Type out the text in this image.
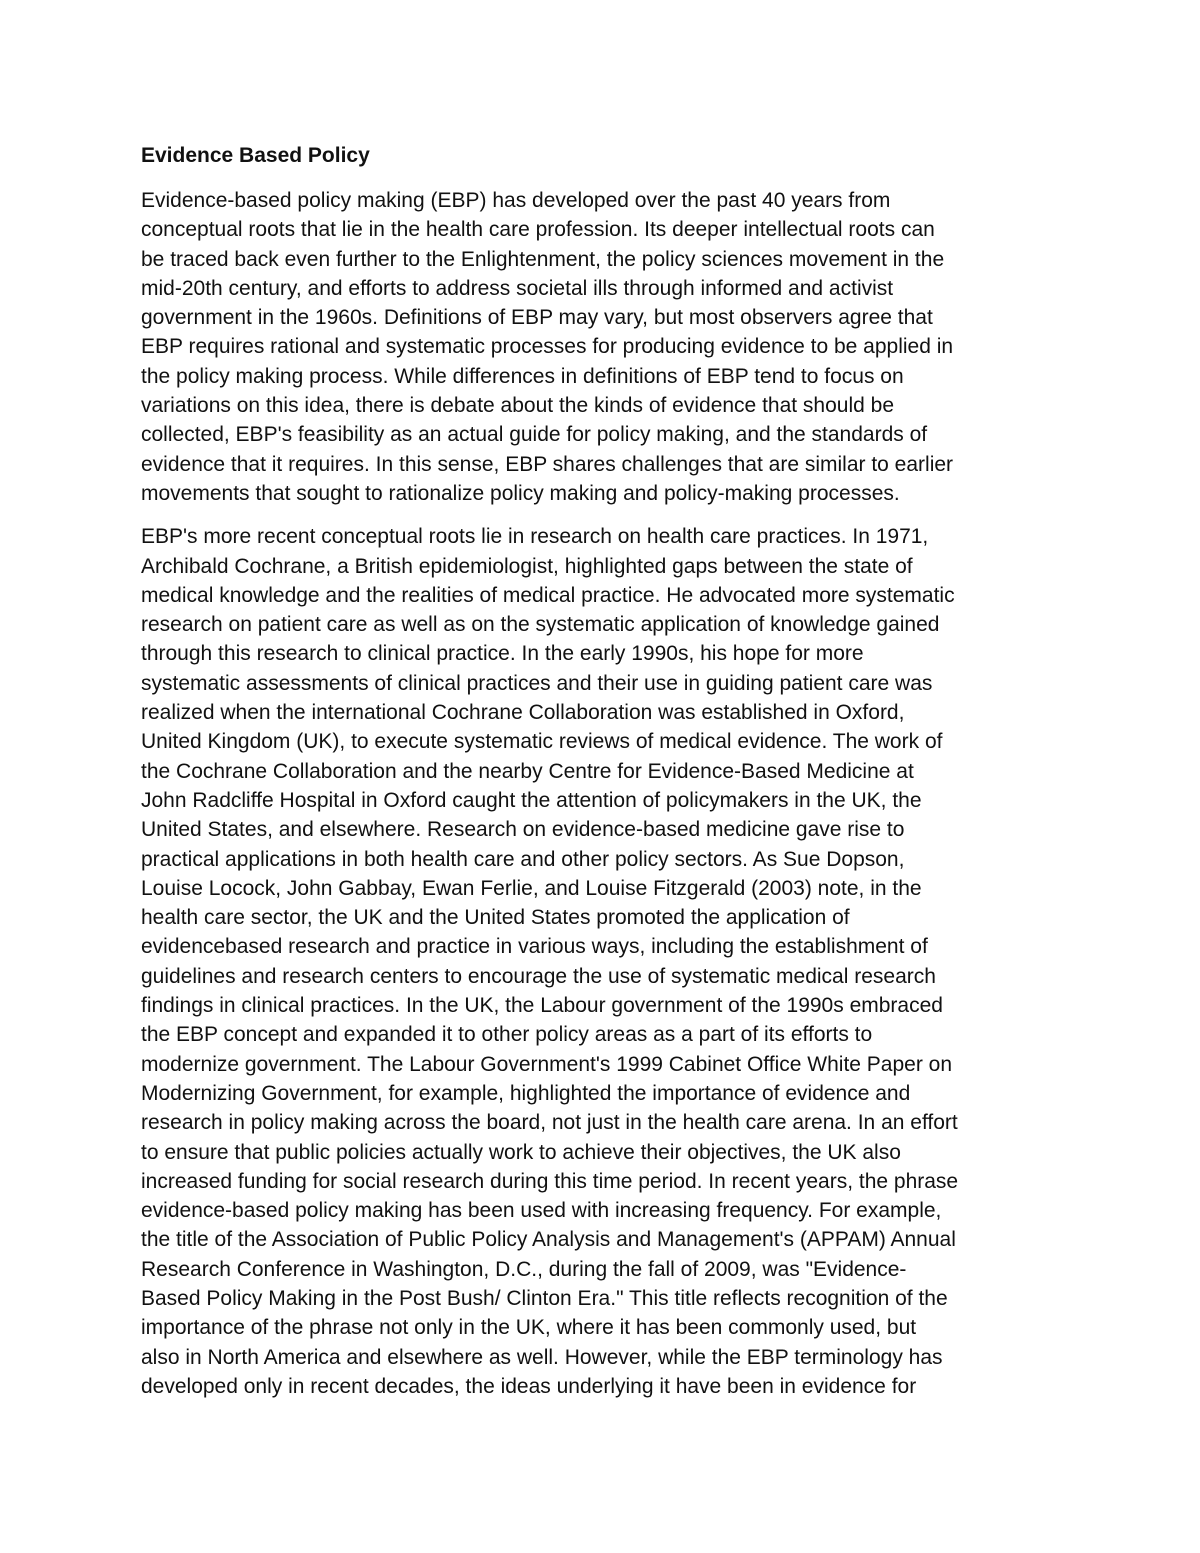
Evidence Based Policy

Evidence-based policy making (EBP) has developed over the past 40 years from
conceptual roots that lie in the health care profession. Its deeper intellectual roots can
be traced back even further to the Enlightenment, the policy sciences movement in the
mid-20th century, and efforts to address societal ills through informed and activist
government in the 1960s. Definitions of EBP may vary, but most observers agree that
EBP requires rational and systematic processes for producing evidence to be applied in
the policy making process. While differences in definitions of EBP tend to focus on
variations on this idea, there is debate about the kinds of evidence that should be
collected, EBP's feasibility as an actual guide for policy making, and the standards of
evidence that it requires. In this sense, EBP shares challenges that are similar to earlier
movements that sought to rationalize policy making and policy-making processes.

EBP's more recent conceptual roots lie in research on health care practices. In 1971,
Archibald Cochrane, a British epidemiologist, highlighted gaps between the state of
medical knowledge and the realities of medical practice. He advocated more systematic
research on patient care as well as on the systematic application of knowledge gained
through this research to clinical practice. In the early 1990s, his hope for more
systematic assessments of clinical practices and their use in guiding patient care was
realized when the international Cochrane Collaboration was established in Oxford,
United Kingdom (UK), to execute systematic reviews of medical evidence. The work of
the Cochrane Collaboration and the nearby Centre for Evidence-Based Medicine at
John Radcliffe Hospital in Oxford caught the attention of policymakers in the UK, the
United States, and elsewhere. Research on evidence-based medicine gave rise to
practical applications in both health care and other policy sectors. As Sue Dopson,
Louise Locock, John Gabbay, Ewan Ferlie, and Louise Fitzgerald (2003) note, in the
health care sector, the UK and the United States promoted the application of
evidencebased research and practice in various ways, including the establishment of
guidelines and research centers to encourage the use of systematic medical research
findings in clinical practices. In the UK, the Labour government of the 1990s embraced
the EBP concept and expanded it to other policy areas as a part of its efforts to
modernize government. The Labour Government's 1999 Cabinet Office White Paper on
Modernizing Government, for example, highlighted the importance of evidence and
research in policy making across the board, not just in the health care arena. In an effort
to ensure that public policies actually work to achieve their objectives, the UK also
increased funding for social research during this time period. In recent years, the phrase
evidence-based policy making has been used with increasing frequency. For example,
the title of the Association of Public Policy Analysis and Management's (APPAM) Annual
Research Conference in Washington, D.C., during the fall of 2009, was "Evidence-
Based Policy Making in the Post Bush/ Clinton Era." This title reflects recognition of the
importance of the phrase not only in the UK, where it has been commonly used, but
also in North America and elsewhere as well. However, while the EBP terminology has
developed only in recent decades, the ideas underlying it have been in evidence for
